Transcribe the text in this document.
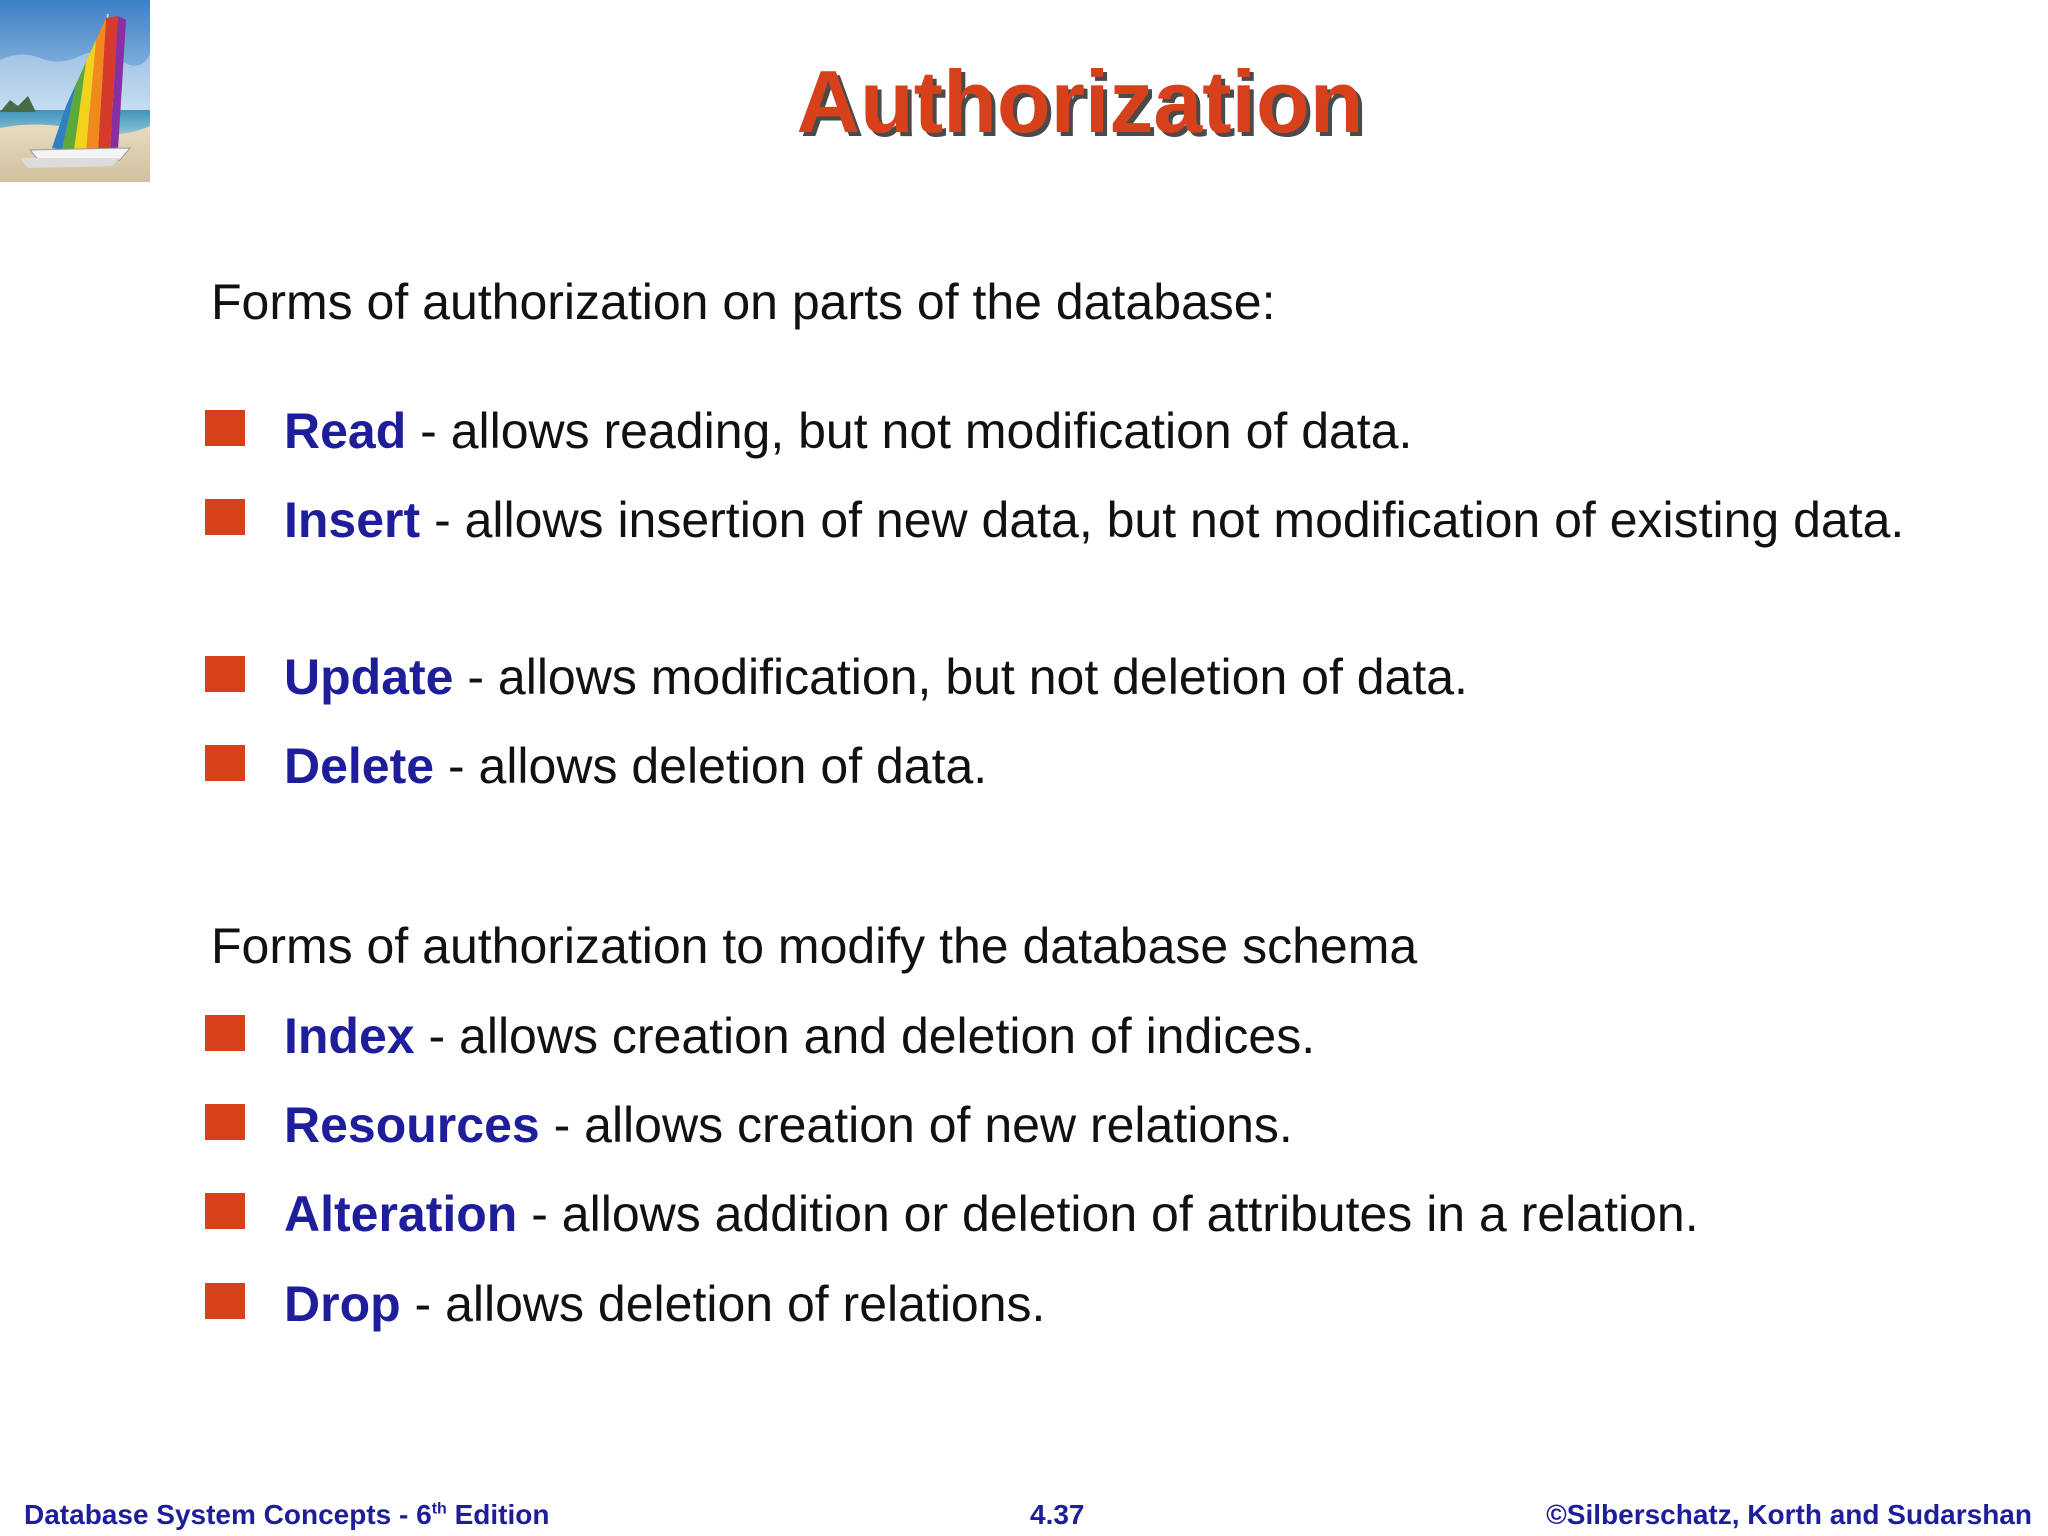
Authorization
Forms of authorization on parts of the database:
Read - allows reading, but not modification of data.
Insert - allows insertion of new data, but not modification of existing data.
Update - allows modification, but not deletion of data.
Delete - allows deletion of data.
Forms of authorization to modify the database schema
Index - allows creation and deletion of indices.
Resources - allows creation of new relations.
Alteration - allows addition or deletion of attributes in a relation.
Drop - allows deletion of relations.
Database System Concepts - 6th Edition	4.37	©Silberschatz, Korth and Sudarshan
